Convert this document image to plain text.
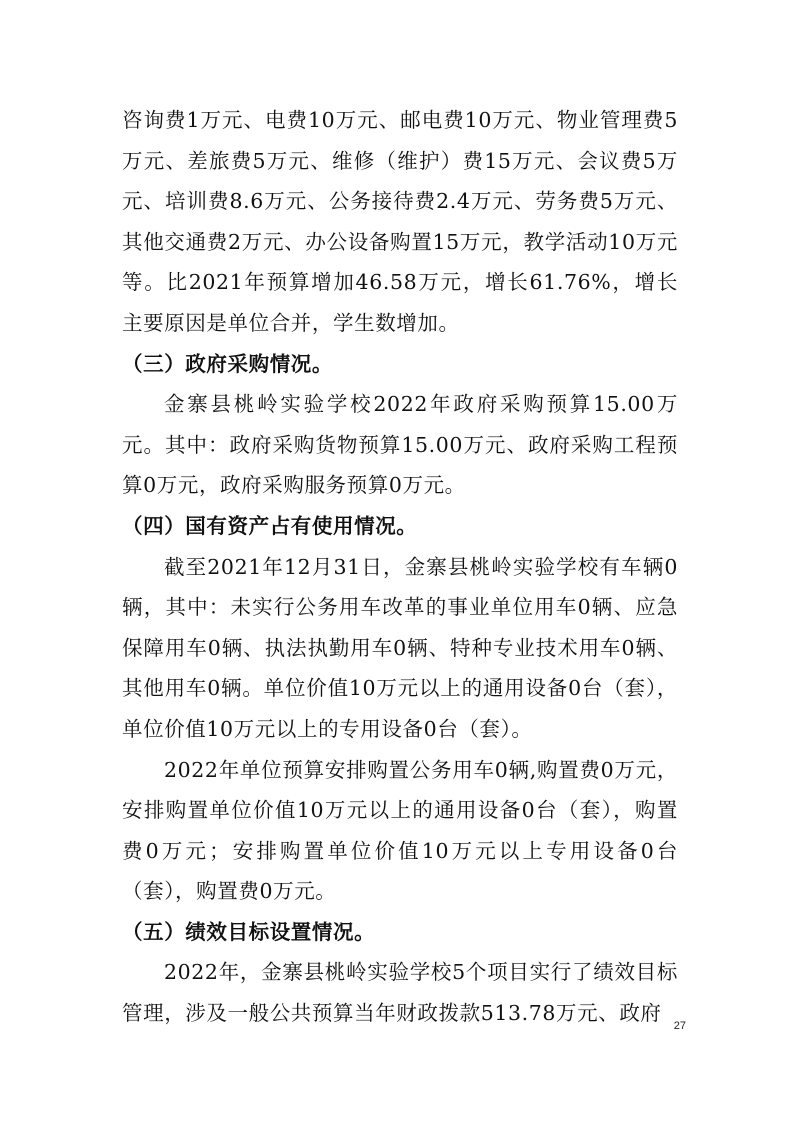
咨询费1万元、电费10万元、邮电费10万元、物业管理费5万元、差旅费5万元、维修（维护）费15万元、会议费5万元、培训费8.6万元、公务接待费2.4万元、劳务费5万元、其他交通费2万元、办公设备购置15万元，教学活动10万元等。比2021年预算增加46.58万元，增长61.76%，增长主要原因是单位合并，学生数增加。

（三）政府采购情况。

金寨县桃岭实验学校2022年政府采购预算15.00万元。其中：政府采购货物预算15.00万元、政府采购工程预算0万元，政府采购服务预算0万元。

（四）国有资产占有使用情况。

截至2021年12月31日，金寨县桃岭实验学校有车辆0辆，其中：未实行公务用车改革的事业单位用车0辆、应急保障用车0辆、执法执勤用车0辆、特种专业技术用车0辆、其他用车0辆。单位价值10万元以上的通用设备0台（套），单位价值10万元以上的专用设备0台（套）。

2022年单位预算安排购置公务用车0辆,购置费0万元，安排购置单位价值10万元以上的通用设备0台（套），购置费0万元；安排购置单位价值10万元以上专用设备0台（套），购置费0万元。

（五）绩效目标设置情况。

2022年，金寨县桃岭实验学校5个项目实行了绩效目标管理，涉及一般公共预算当年财政拨款513.78万元、政府

27
